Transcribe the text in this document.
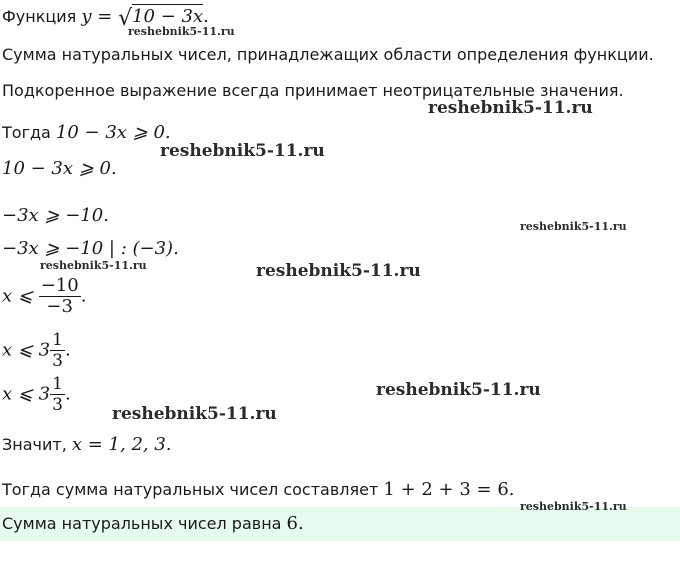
Функция y = √10 − 3x.
Сумма натуральных чисел, принадлежащих области определения функции.
Подкоренное выражение всегда принимает неотрицательные значения.
Тогда 10 − 3x ⩾ 0.
10 − 3x ⩾ 0.
−3x ⩾ −10.
−3x ⩾ −10 | : (−3).
x ⩽ $\frac{-10}{-3}$ .
x ⩽ $3 \frac{1}{3}$ .
x ⩽ $3 \frac{1}{3}$ .
Значит, x = 1, 2, 3.
Тогда сумма натуральных чисел составляет 1 + 2 + 3 = 6.
Сумма натуральных чисел равна 6.
reshebnik5-11.ru
reshebnik5-11.ru
reshebnik5-11.ru
reshebnik5-11.ru
reshebnik5-11.ru	reshebnik5-11.ru
reshebnik5-11.ru
reshebnik5-11.ru
reshebnik5-11.ru
